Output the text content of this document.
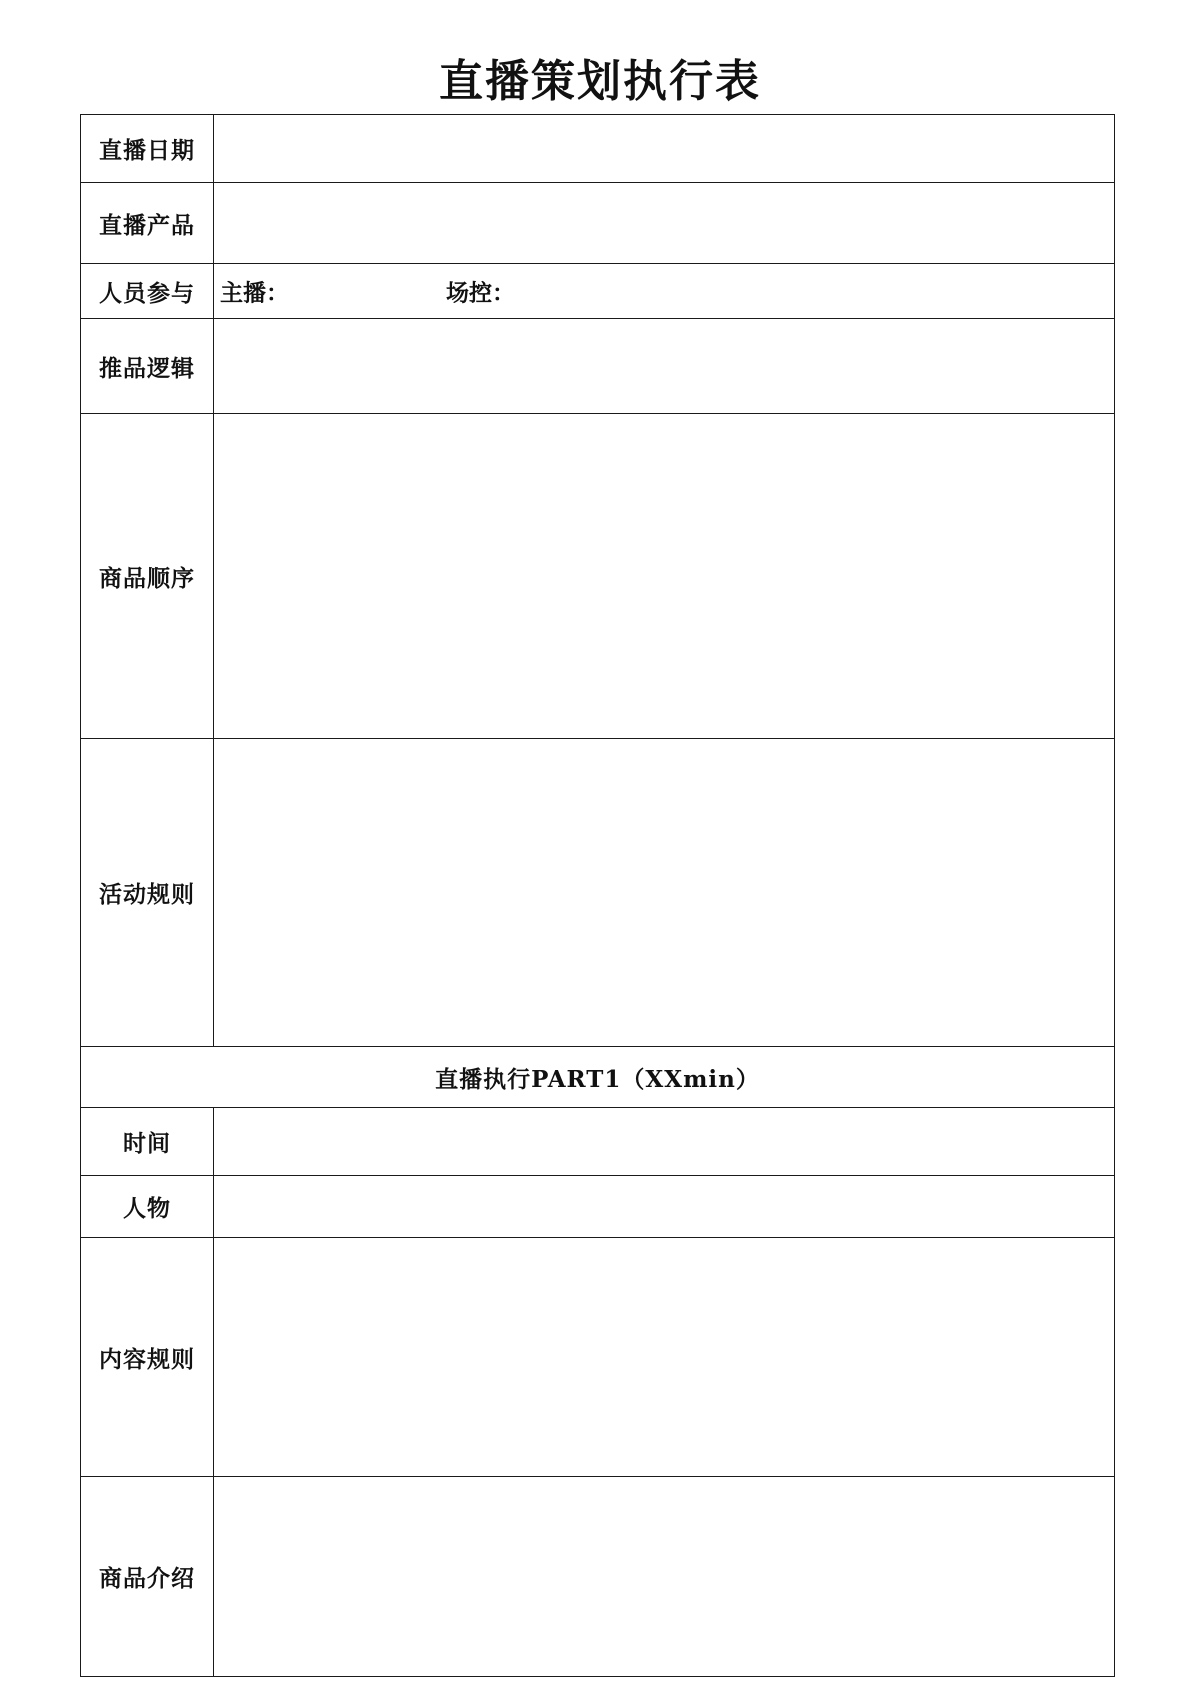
直播策划执行表
直播日期	
直播产品	
人员参与	主播： 场控：

推品逻辑	
商品顺序	
活动规则	
直播执行PART1（XXmin）	
时间	
人物	
内容规则	
商品介绍	
